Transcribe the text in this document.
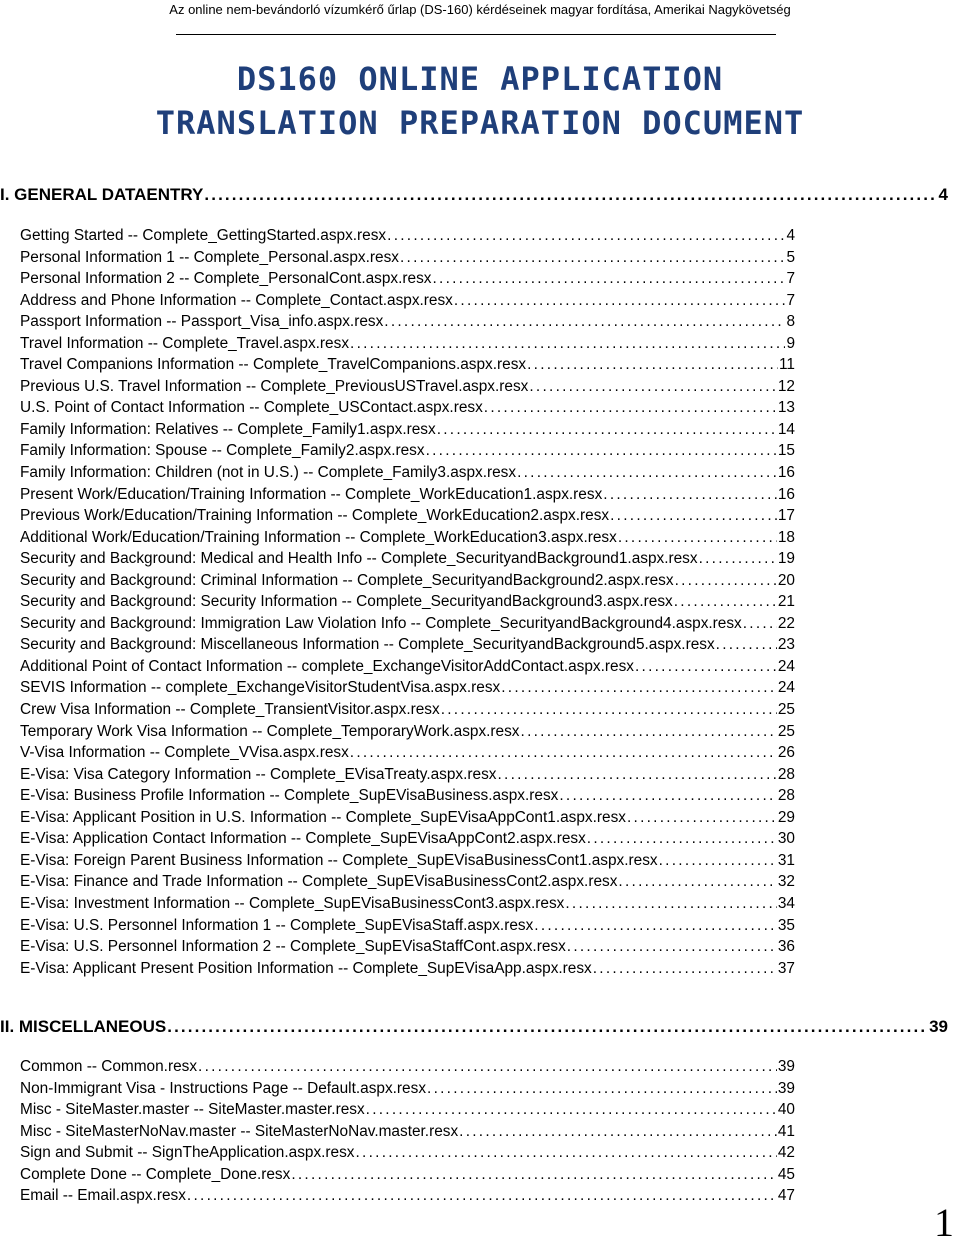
Az online nem-bevándorló vízumkérő űrlap (DS-160) kérdéseinek magyar fordítása, Amerikai Nagykövetség
DS160 ONLINE APPLICATION
TRANSLATION PREPARATION DOCUMENT
I. GENERAL DATAENTRY . . .	4
Getting Started -- Complete_GettingStarted.aspx.resx . . .	4
Personal Information 1 -- Complete_Personal.aspx.resx . . .	5
Personal Information 2 -- Complete_PersonalCont.aspx.resx . . .	7
Address and Phone Information -- Complete_Contact.aspx.resx . . .	7
Passport Information -- Passport_Visa_info.aspx.resx . . .	8
Travel Information -- Complete_Travel.aspx.resx . . .	9
Travel Companions Information -- Complete_TravelCompanions.aspx.resx . . .	11
Previous U.S. Travel Information -- Complete_PreviousUSTravel.aspx.resx . . .	12
U.S. Point of Contact Information -- Complete_USContact.aspx.resx . . .	13
Family Information: Relatives -- Complete_Family1.aspx.resx . . .	14
Family Information: Spouse -- Complete_Family2.aspx.resx . . .	15
Family Information: Children (not in U.S.) -- Complete_Family3.aspx.resx . . .	16
Present Work/Education/Training Information -- Complete_WorkEducation1.aspx.resx . . .	16
Previous Work/Education/Training Information -- Complete_WorkEducation2.aspx.resx . . .	17
Additional Work/Education/Training Information -- Complete_WorkEducation3.aspx.resx . . .	18
Security and Background: Medical and Health Info -- Complete_SecurityandBackground1.aspx.resx . . .	19
Security and Background: Criminal Information -- Complete_SecurityandBackground2.aspx.resx . . .	20
Security and Background: Security Information -- Complete_SecurityandBackground3.aspx.resx . . .	21
Security and Background: Immigration Law Violation Info -- Complete_SecurityandBackground4.aspx.resx . . . 22
Security and Background: Miscellaneous Information -- Complete_SecurityandBackground5.aspx.resx . . .	23
Additional Point of Contact Information -- complete_ExchangeVisitorAddContact.aspx.resx . . .	24
SEVIS Information -- complete_ExchangeVisitorStudentVisa.aspx.resx . . .	24
Crew Visa Information -- Complete_TransientVisitor.aspx.resx . . .	25
Temporary Work Visa Information -- Complete_TemporaryWork.aspx.resx . . .	25
V-Visa Information -- Complete_VVisa.aspx.resx . . .	26
E-Visa: Visa Category Information -- Complete_EVisaTreaty.aspx.resx . . .	28
E-Visa: Business Profile Information -- Complete_SupEVisaBusiness.aspx.resx . . .	28
E-Visa: Applicant Position in U.S. Information -- Complete_SupEVisaAppCont1.aspx.resx . . .	29
E-Visa: Application Contact Information -- Complete_SupEVisaAppCont2.aspx.resx . . .	30
E-Visa: Foreign Parent Business Information -- Complete_SupEVisaBusinessCont1.aspx.resx . . .	31
E-Visa: Finance and Trade Information -- Complete_SupEVisaBusinessCont2.aspx.resx . . .	32
E-Visa: Investment Information -- Complete_SupEVisaBusinessCont3.aspx.resx . . .	34
E-Visa: U.S. Personnel Information 1 -- Complete_SupEVisaStaff.aspx.resx . . .	35
E-Visa: U.S. Personnel Information 2 -- Complete_SupEVisaStaffCont.aspx.resx . . .	36
E-Visa: Applicant Present Position Information -- Complete_SupEVisaApp.aspx.resx . . .	37
II. MISCELLANEOUS . . .	39
Common -- Common.resx . . .	39
Non-Immigrant Visa - Instructions Page -- Default.aspx.resx . . .	39
Misc - SiteMaster.master -- SiteMaster.master.resx . . .	40
Misc - SiteMasterNoNav.master -- SiteMasterNoNav.master.resx . . .	41
Sign and Submit -- SignTheApplication.aspx.resx . . .	42
Complete Done -- Complete_Done.resx . . .	45
Email -- Email.aspx.resx . . .	47
1
